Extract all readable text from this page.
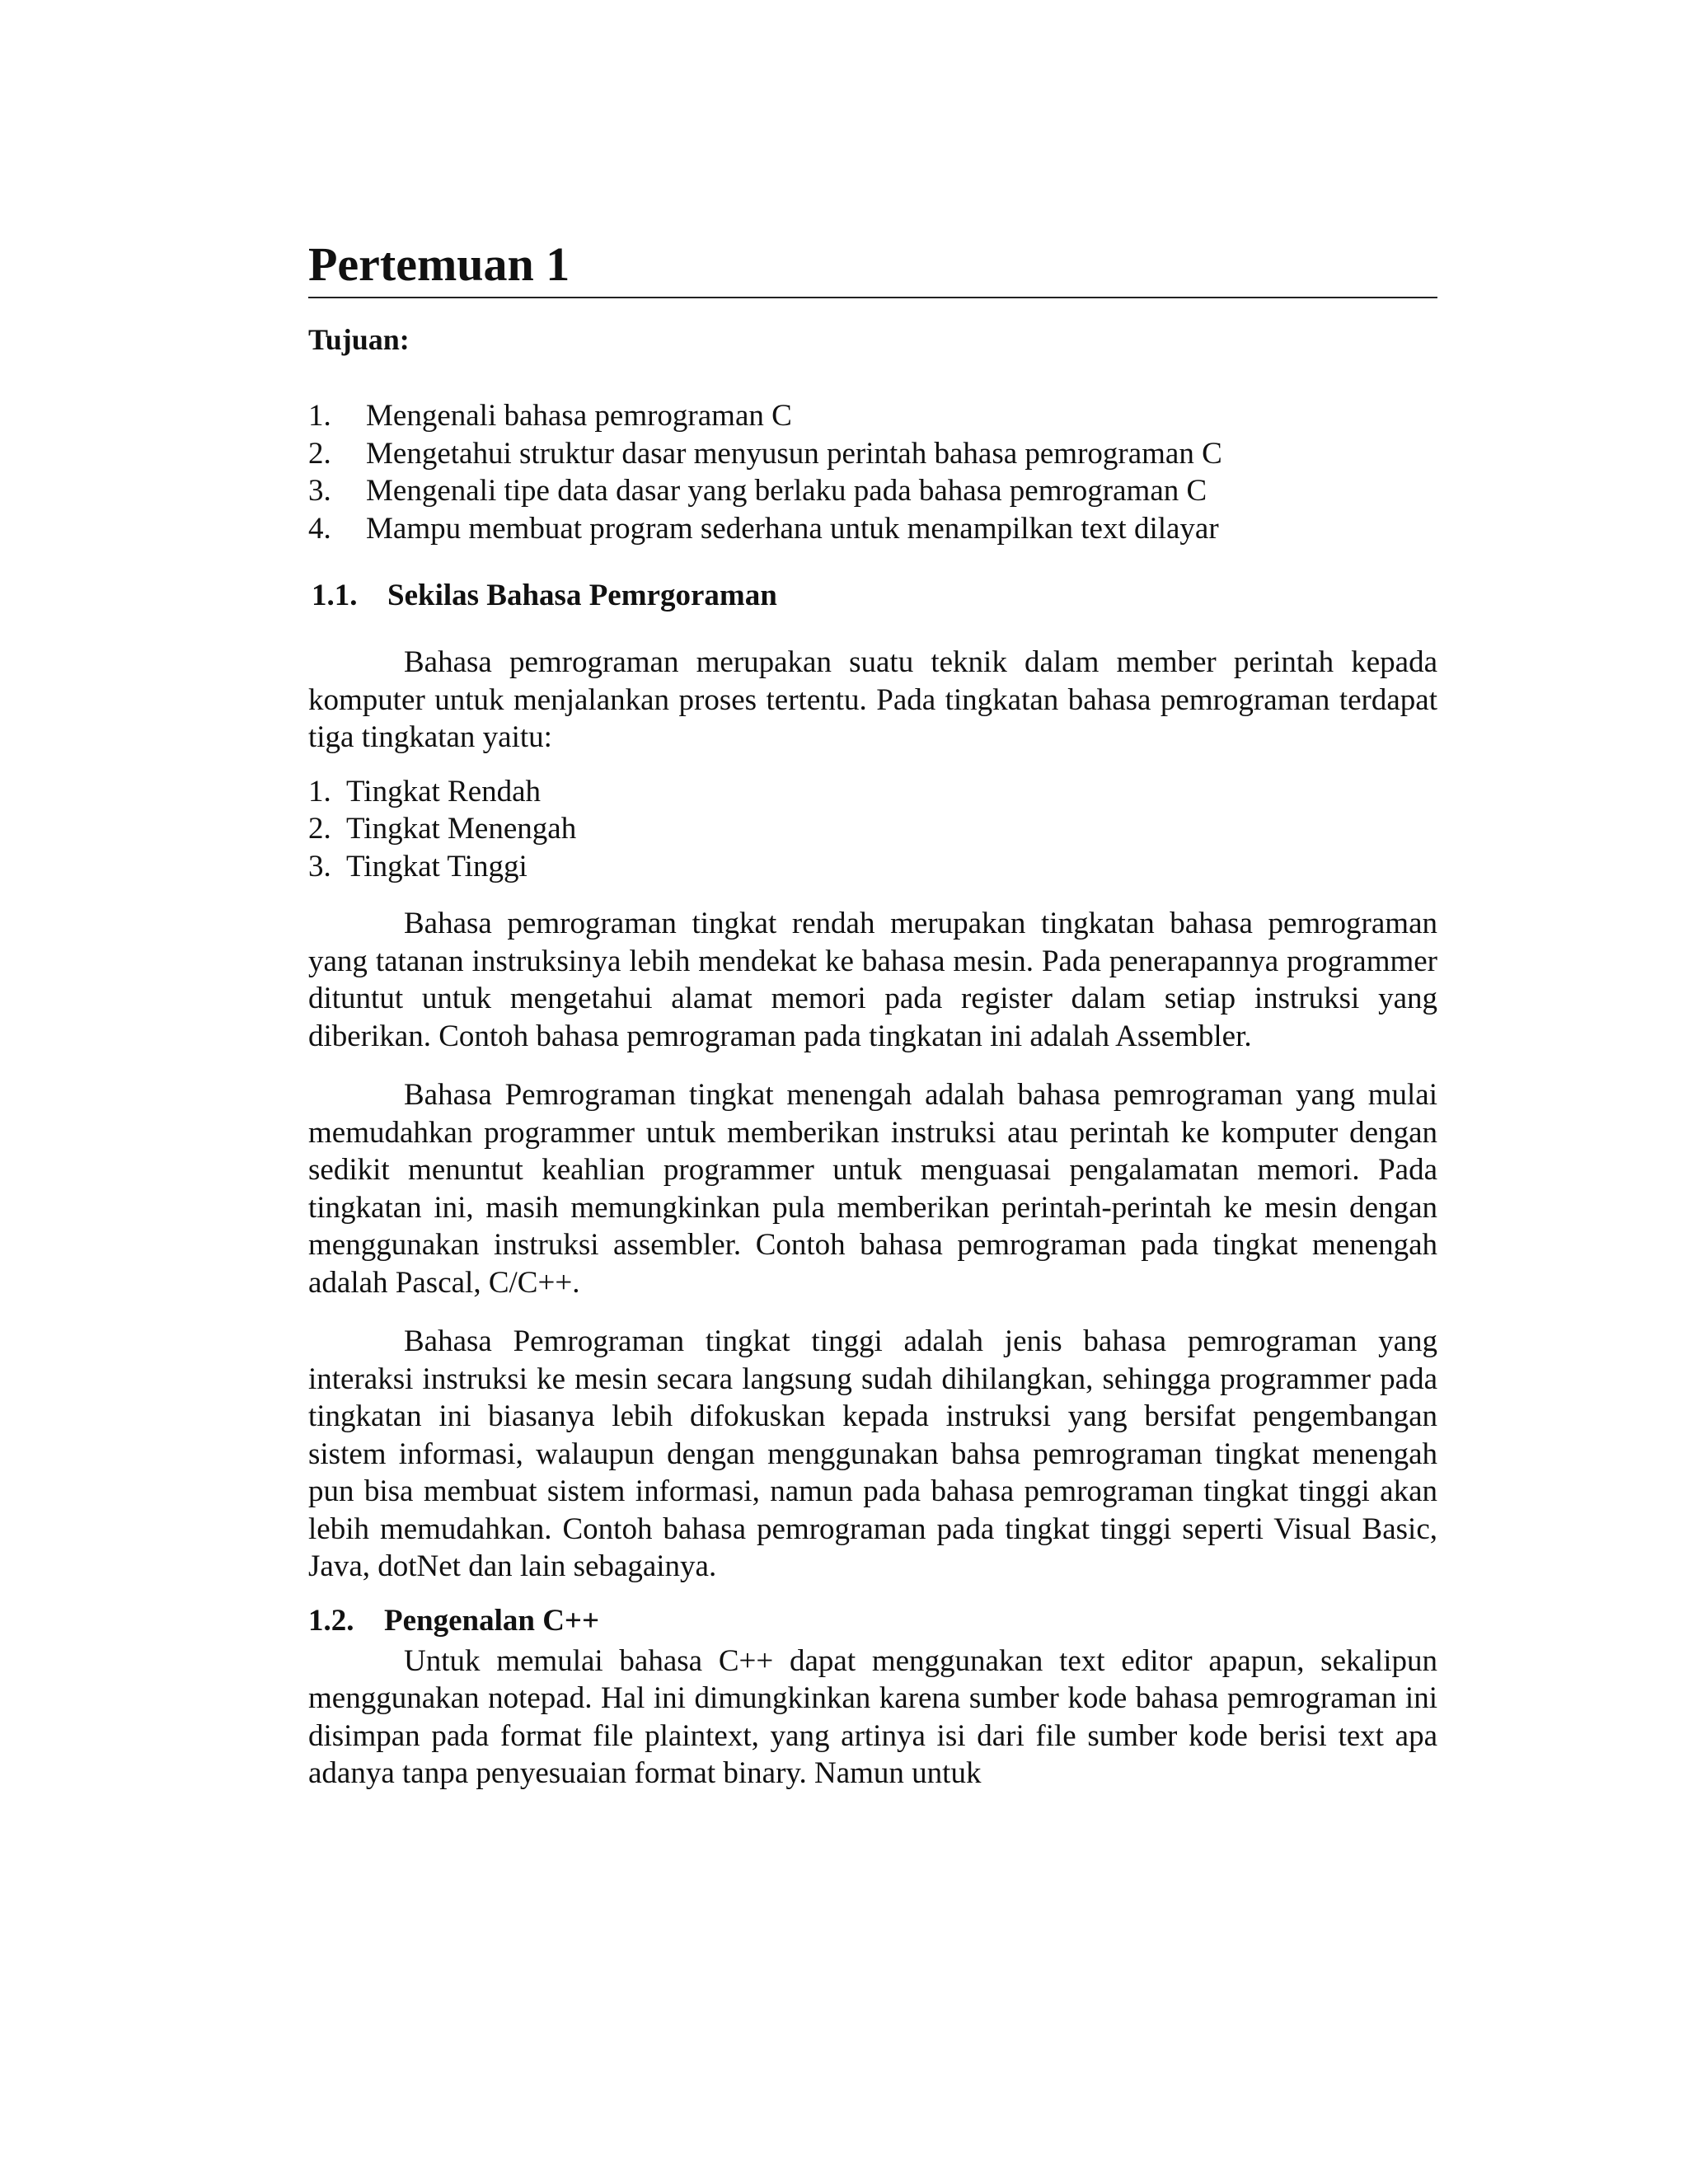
Pertemuan 1
Tujuan:
1.	Mengenali bahasa pemrograman C
2.	Mengetahui struktur dasar menyusun perintah bahasa pemrograman C
3.	Mengenali tipe data dasar yang berlaku pada bahasa pemrograman C
4.	Mampu membuat program sederhana untuk menampilkan text dilayar
1.1. Sekilas Bahasa Pemrgoraman

Bahasa pemrograman merupakan suatu teknik dalam member perintah kepada komputer untuk menjalankan proses tertentu. Pada tingkatan bahasa pemrograman terdapat tiga tingkatan yaitu:

1. Tingkat Rendah
2. Tingkat Menengah
3. Tingkat Tinggi

Bahasa pemrograman tingkat rendah merupakan tingkatan bahasa pemrograman yang tatanan instruksinya lebih mendekat ke bahasa mesin. Pada penerapannya programmer dituntut untuk mengetahui alamat memori pada register dalam setiap instruksi yang diberikan. Contoh bahasa pemrograman pada tingkatan ini adalah Assembler.

Bahasa Pemrograman tingkat menengah adalah bahasa pemrograman yang mulai memudahkan programmer untuk memberikan instruksi atau perintah ke komputer dengan sedikit menuntut keahlian programmer untuk menguasai pengalamatan memori. Pada tingkatan ini, masih memungkinkan pula memberikan perintah-perintah ke mesin dengan menggunakan instruksi assembler. Contoh bahasa pemrograman pada tingkat menengah adalah Pascal, C/C++.

Bahasa Pemrograman tingkat tinggi adalah jenis bahasa pemrograman yang interaksi instruksi ke mesin secara langsung sudah dihilangkan, sehingga programmer pada tingkatan ini biasanya lebih difokuskan kepada instruksi yang bersifat pengembangan sistem informasi, walaupun dengan menggunakan bahsa pemrograman tingkat menengah pun bisa membuat sistem informasi, namun pada bahasa pemrograman tingkat tinggi akan lebih memudahkan. Contoh bahasa pemrograman pada tingkat tinggi seperti Visual Basic, Java, dotNet dan lain sebagainya.

1.2. Pengenalan C++

Untuk memulai bahasa C++ dapat menggunakan text editor apapun, sekalipun menggunakan notepad. Hal ini dimungkinkan karena sumber kode bahasa pemrograman ini disimpan pada format file plaintext, yang artinya isi dari file sumber kode berisi text apa adanya tanpa penyesuaian format binary. Namun untuk
